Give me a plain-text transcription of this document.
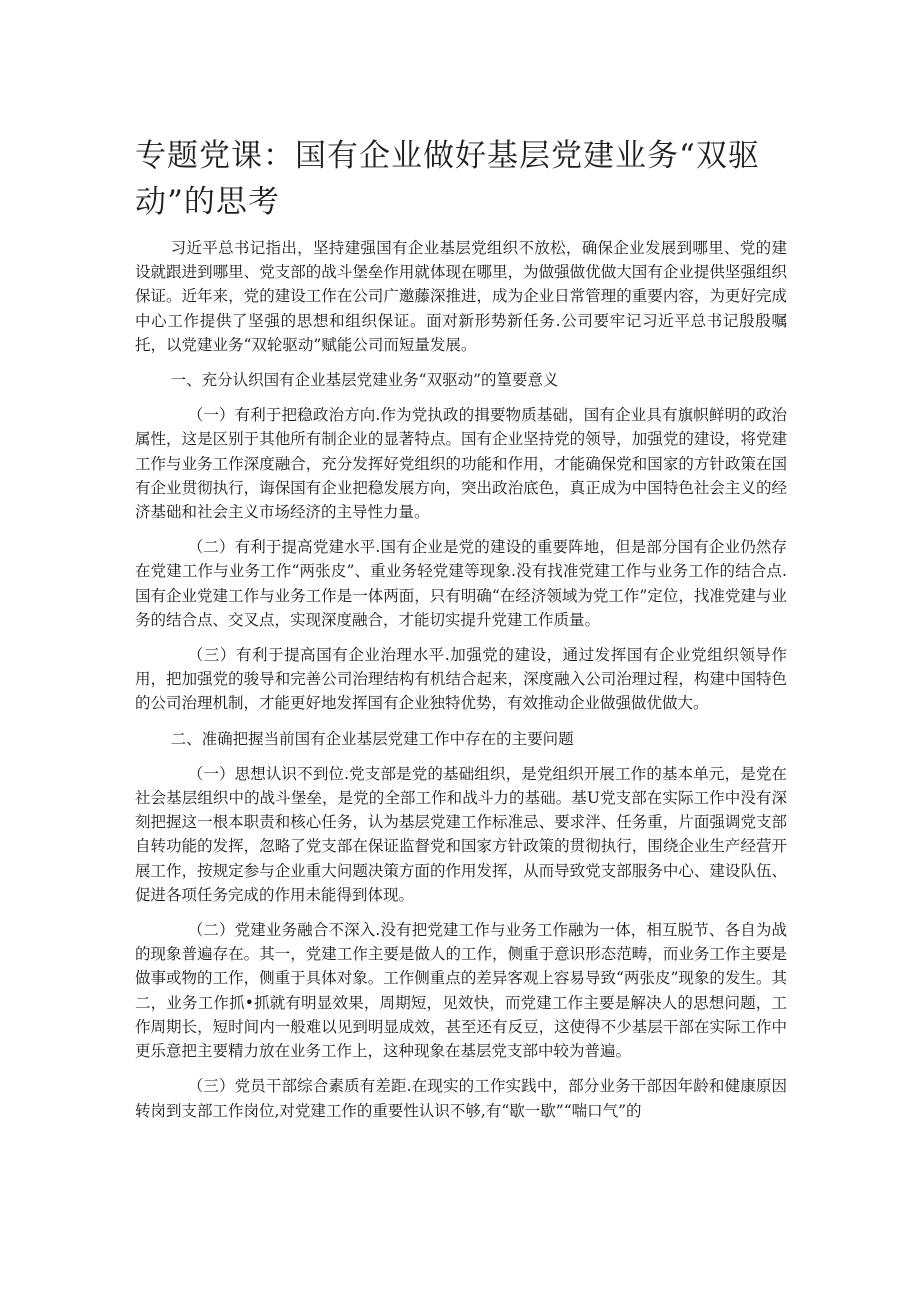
专题党课：国有企业做好基层党建业务“双驱动”的思考

习近平总书记指出，坚持建强国有企业基层党组织不放松，确保企业发展到哪里、党的建设就跟进到哪里、党支部的战斗堡垒作用就体现在哪里，为做强做优做大国有企业提供坚强组织保证。近年来，党的建设工作在公司广邀藤深推进，成为企业日常管理的重要内容，为更好完成中心工作提供了坚强的思想和组织保证。面对新形势新任务.公司要牢记习近平总书记殷殷嘱托，以党建业务“双轮驱动”赋能公司而短量发展。

一、充分认织国有企业基层党建业务“双驱动”的篁要意义

（一）有利于把稳政治方向.作为党执政的揖要物质基础，国有企业具有旗帜鲜明的政治属性，这是区别于其他所有制企业的显著特点。国有企业坚持党的领导，加强党的建设，将党建工作与业务工作深度融合，充分发挥好党组织的功能和作用，才能确保党和国家的方针政策在国有企业贯彻执行，诲保国有企业把稳发展方向，突出政治底色，真正成为中国特色社会主义的经济基础和社会主义市场经济的主导性力量。

（二）有利于提高党建水平.国有企业是党的建设的重要阵地，但是部分国有企业仍然存在党建工作与业务工作“两张皮”、重业务轻党建等现象.没有找准党建工作与业务工作的结合点.国有企业党建工作与业务工作是一体两面，只有明确“在经济领域为党工作”定位，找准党建与业务的结合点、交叉点，实现深度融合，才能切实提升党建工作质量。

（三）有利于提高国有企业治理水平.加强党的建设，通过发挥国有企业党组织领导作用，把加强党的骏导和完善公司治理结构有机结合起来，深度融入公司治理过程，构建中国特色的公司治理机制，才能更好地发挥国有企业独特优势，有效推动企业做强做优做大。

二、准确把握当前国有企业基层党建工作中存在的主要问题

（一）思想认识不到位.党支部是党的基础组织，是党组织开展工作的基本单元，是党在社会基层组织中的战斗堡垒，是党的全部工作和战斗力的基础。基U党支部在实际工作中没有深刻把握这一根本职责和核心任务，认为基层党建工作标准忌、要求泮、任务重，片面强调党支部自转功能的发挥，忽略了党支部在保证监督党和国家方针政策的贯彻执行，围绕企业生产经营开展工作，按规定参与企业重大问题决策方面的作用发挥，从而导致党支部服务中心、建设队伍、促进各项任务完成的作用未能得到体现。

（二）党建业务融合不深入.没有把党建工作与业务工作融为一体，相互脱节、各自为战的现象普遍存在。其一，党建工作主要是做人的工作，侧重于意识形态范畴，而业务工作主要是做事或物的工作，侧重于具体对象。工作侧重点的差异客观上容易导致“两张皮”现象的发生。其二，业务工作抓•抓就有明显效果，周期短，见效快，而党建工作主要是解决人的思想问题，工作周期长，短时间内一般难以见到明显成效，甚至还有反豆，这使得不少基层干部在实际工作中更乐意把主要精力放在业务工作上，这种现象在基层党支部中较为普遍。

（三）党员干部综合素质有差距.在现实的工作实践中，部分业务干部因年龄和健康原因转岗到支部工作岗位,对党建工作的重要性认识不够,有“歇一歇”“喘口气”的
